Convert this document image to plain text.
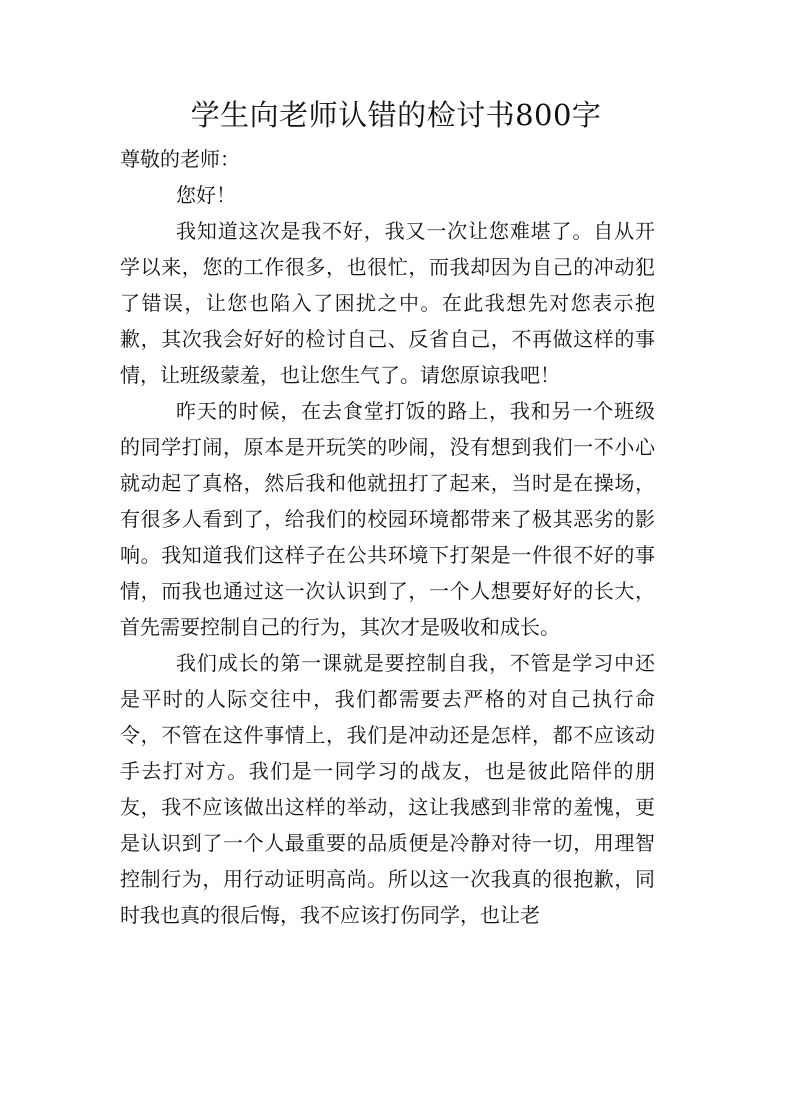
学生向老师认错的检讨书800字

尊敬的老师：

您好！

我知道这次是我不好，我又一次让您难堪了。自从开学以来，您的工作很多，也很忙，而我却因为自己的冲动犯了错误，让您也陷入了困扰之中。在此我想先对您表示抱歉，其次我会好好的检讨自己、反省自己，不再做这样的事情，让班级蒙羞，也让您生气了。请您原谅我吧！

昨天的时候，在去食堂打饭的路上，我和另一个班级的同学打闹，原本是开玩笑的吵闹，没有想到我们一不小心就动起了真格，然后我和他就扭打了起来，当时是在操场，有很多人看到了，给我们的校园环境都带来了极其恶劣的影响。我知道我们这样子在公共环境下打架是一件很不好的事情，而我也通过这一次认识到了，一个人想要好好的长大，首先需要控制自己的行为，其次才是吸收和成长。

我们成长的第一课就是要控制自我，不管是学习中还是平时的人际交往中，我们都需要去严格的对自己执行命令，不管在这件事情上，我们是冲动还是怎样，都不应该动手去打对方。我们是一同学习的战友，也是彼此陪伴的朋友，我不应该做出这样的举动，这让我感到非常的羞愧，更是认识到了一个人最重要的品质便是冷静对待一切，用理智控制行为，用行动证明高尚。所以这一次我真的很抱歉，同时我也真的很后悔，我不应该打伤同学，也让老
